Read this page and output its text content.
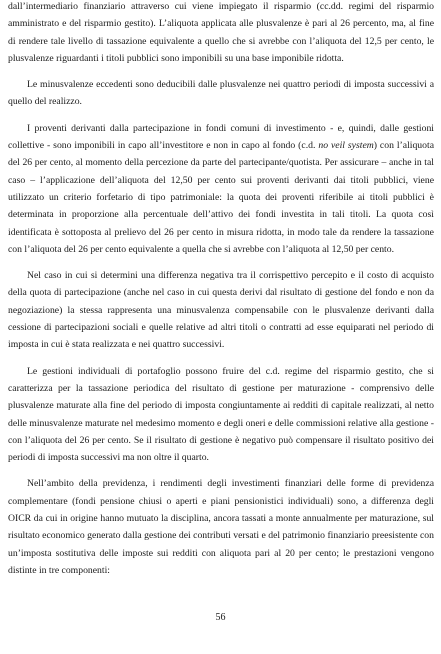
dall’intermediario finanziario attraverso cui viene impiegato il risparmio (cc.dd. regimi del risparmio amministrato e del risparmio gestito). L’aliquota applicata alle plusvalenze è pari al 26 percento, ma, al fine di rendere tale livello di tassazione equivalente a quello che si avrebbe con l’aliquota del 12,5 per cento, le plusvalenze riguardanti i titoli pubblici sono imponibili su una base imponibile ridotta.

Le minusvalenze eccedenti sono deducibili dalle plusvalenze nei quattro periodi di imposta successivi a quello del realizzo.

I proventi derivanti dalla partecipazione in fondi comuni di investimento - e, quindi, dalle gestioni collettive - sono imponibili in capo all’investitore e non in capo al fondo (c.d. no veil system) con l’aliquota del 26 per cento, al momento della percezione da parte del partecipante/quotista. Per assicurare – anche in tal caso – l’applicazione dell’aliquota del 12,50 per cento sui proventi derivanti dai titoli pubblici, viene utilizzato un criterio forfetario di tipo patrimoniale: la quota dei proventi riferibile ai titoli pubblici è determinata in proporzione alla percentuale dell’attivo dei fondi investita in tali titoli. La quota così identificata è sottoposta al prelievo del 26 per cento in misura ridotta, in modo tale da rendere la tassazione con l’aliquota del 26 per cento equivalente a quella che si avrebbe con l’aliquota al 12,50 per cento.

Nel caso in cui si determini una differenza negativa tra il corrispettivo percepito e il costo di acquisto della quota di partecipazione (anche nel caso in cui questa derivi dal risultato di gestione del fondo e non da negoziazione) la stessa rappresenta una minusvalenza compensabile con le plusvalenze derivanti dalla cessione di partecipazioni sociali e quelle relative ad altri titoli o contratti ad esse equiparati nel periodo di imposta in cui è stata realizzata e nei quattro successivi.

Le gestioni individuali di portafoglio possono fruire del c.d. regime del risparmio gestito, che si caratterizza per la tassazione periodica del risultato di gestione per maturazione - comprensivo delle plusvalenze maturate alla fine del periodo di imposta congiuntamente ai redditi di capitale realizzati, al netto delle minusvalenze maturate nel medesimo momento e degli oneri e delle commissioni relative alla gestione - con l’aliquota del 26 per cento. Se il risultato di gestione è negativo può compensare il risultato positivo dei periodi di imposta successivi ma non oltre il quarto.

Nell’ambito della previdenza, i rendimenti degli investimenti finanziari delle forme di previdenza complementare (fondi pensione chiusi o aperti e piani pensionistici individuali) sono, a differenza degli OICR da cui in origine hanno mutuato la disciplina, ancora tassati a monte annualmente per maturazione, sul risultato economico generato dalla gestione dei contributi versati e del patrimonio finanziario preesistente con un’imposta sostitutiva delle imposte sui redditi con aliquota pari al 20 per cento; le prestazioni vengono distinte in tre componenti:

56
